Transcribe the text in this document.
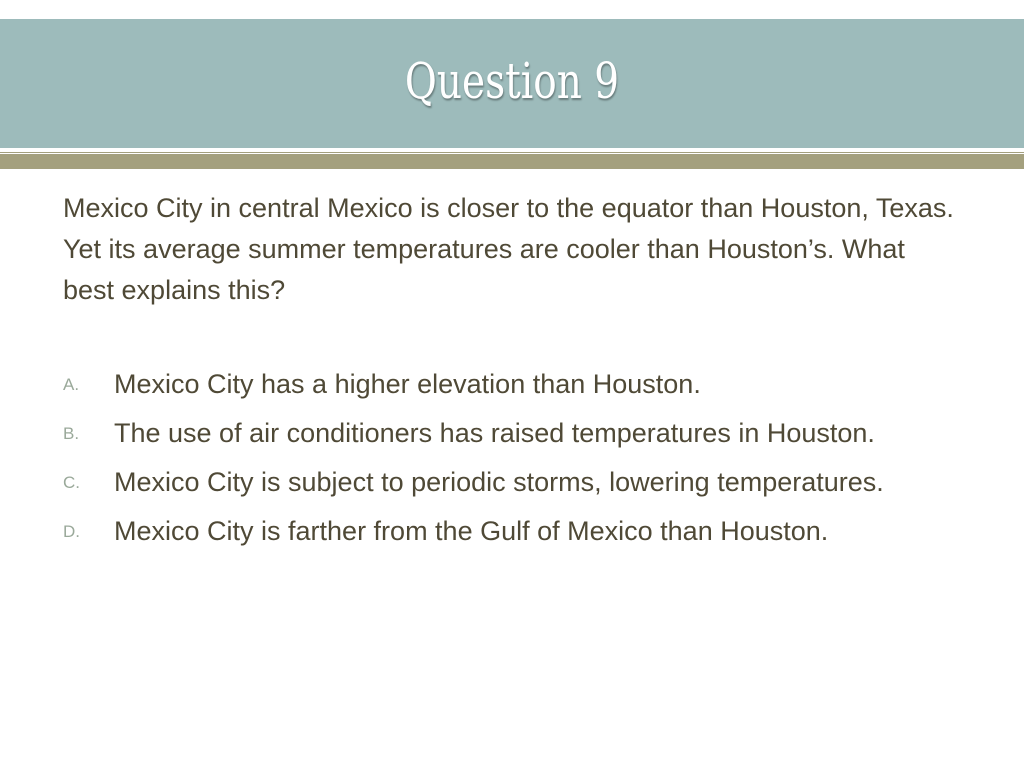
Question 9

Mexico City in central Mexico is closer to the equator than Houston, Texas. Yet its average summer temperatures are cooler than Houston’s. What best explains this?

A. Mexico City has a higher elevation than Houston.
B. The use of air conditioners has raised temperatures in Houston.
C. Mexico City is subject to periodic storms, lowering temperatures.
D. Mexico City is farther from the Gulf of Mexico than Houston.
